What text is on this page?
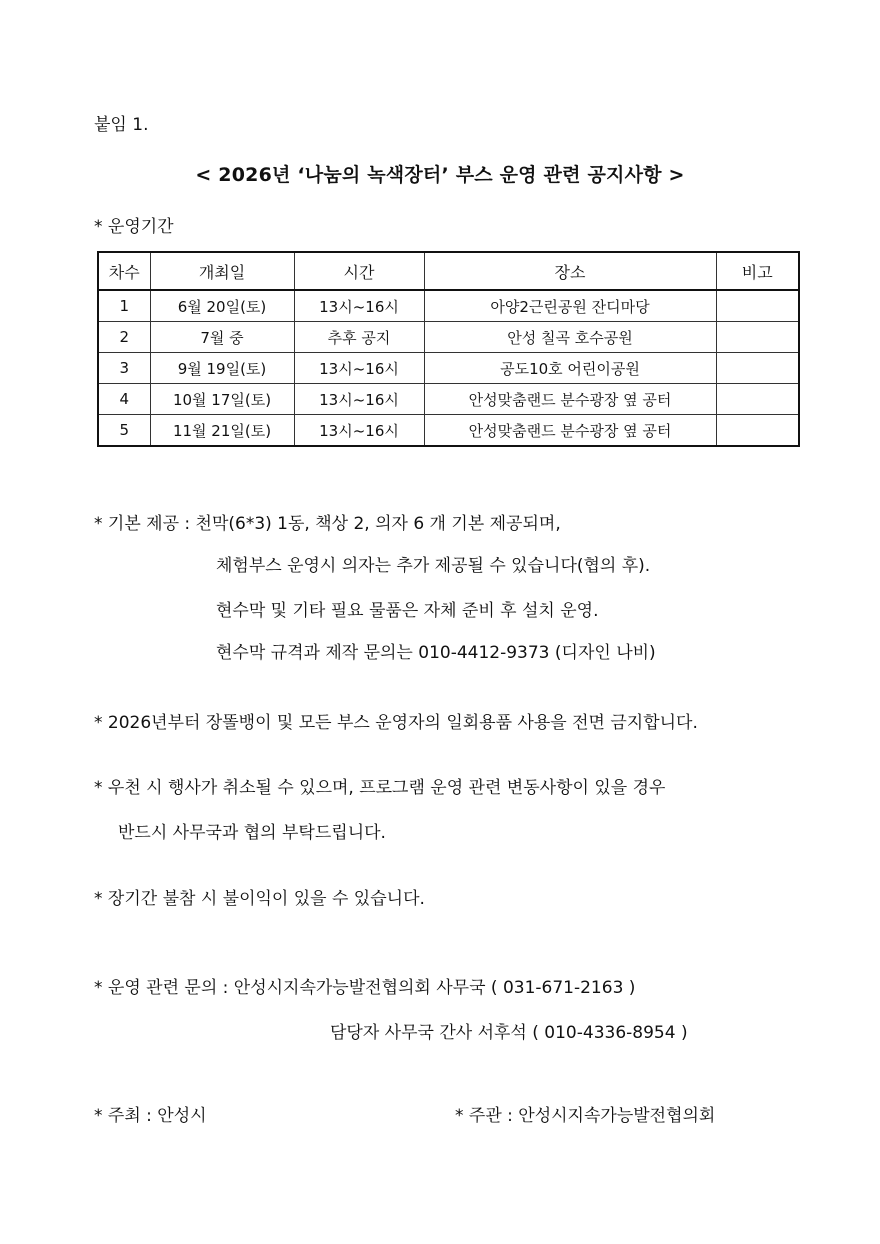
붙임 1.
< 2026년 ‘나눔의 녹색장터’ 부스 운영 관련 공지사항 >
* 운영기간
차수	개최일	시간	장소	비고
1	6월 20일(토)	13시~16시	아양2근린공원 잔디마당	
2	7월 중	추후 공지	안성 칠곡 호수공원	
3	9월 19일(토)	13시~16시	공도10호 어린이공원	
4	10월 17일(토)	13시~16시	안성맞춤랜드 분수광장 옆 공터	
5	11월 21일(토)	13시~16시	안성맞춤랜드 분수광장 옆 공터	
* 기본 제공 : 천막(6*3) 1동, 책상 2, 의자 6 개 기본 제공되며,
체험부스 운영시 의자는 추가 제공될 수 있습니다(협의 후).
현수막 및 기타 필요 물품은 자체 준비 후 설치 운영.
현수막 규격과 제작 문의는 010-4412-9373 (디자인 나비)
* 2026년부터 장똘뱅이 및 모든 부스 운영자의 일회용품 사용을 전면 금지합니다.
* 우천 시 행사가 취소될 수 있으며, 프로그램 운영 관련 변동사항이 있을 경우
반드시 사무국과 협의 부탁드립니다.
* 장기간 불참 시 불이익이 있을 수 있습니다.
* 운영 관련 문의 : 안성시지속가능발전협의회 사무국 ( 031-671-2163 )
담당자 사무국 간사 서후석 ( 010-4336-8954 )
* 주최 : 안성시	* 주관 : 안성시지속가능발전협의회
